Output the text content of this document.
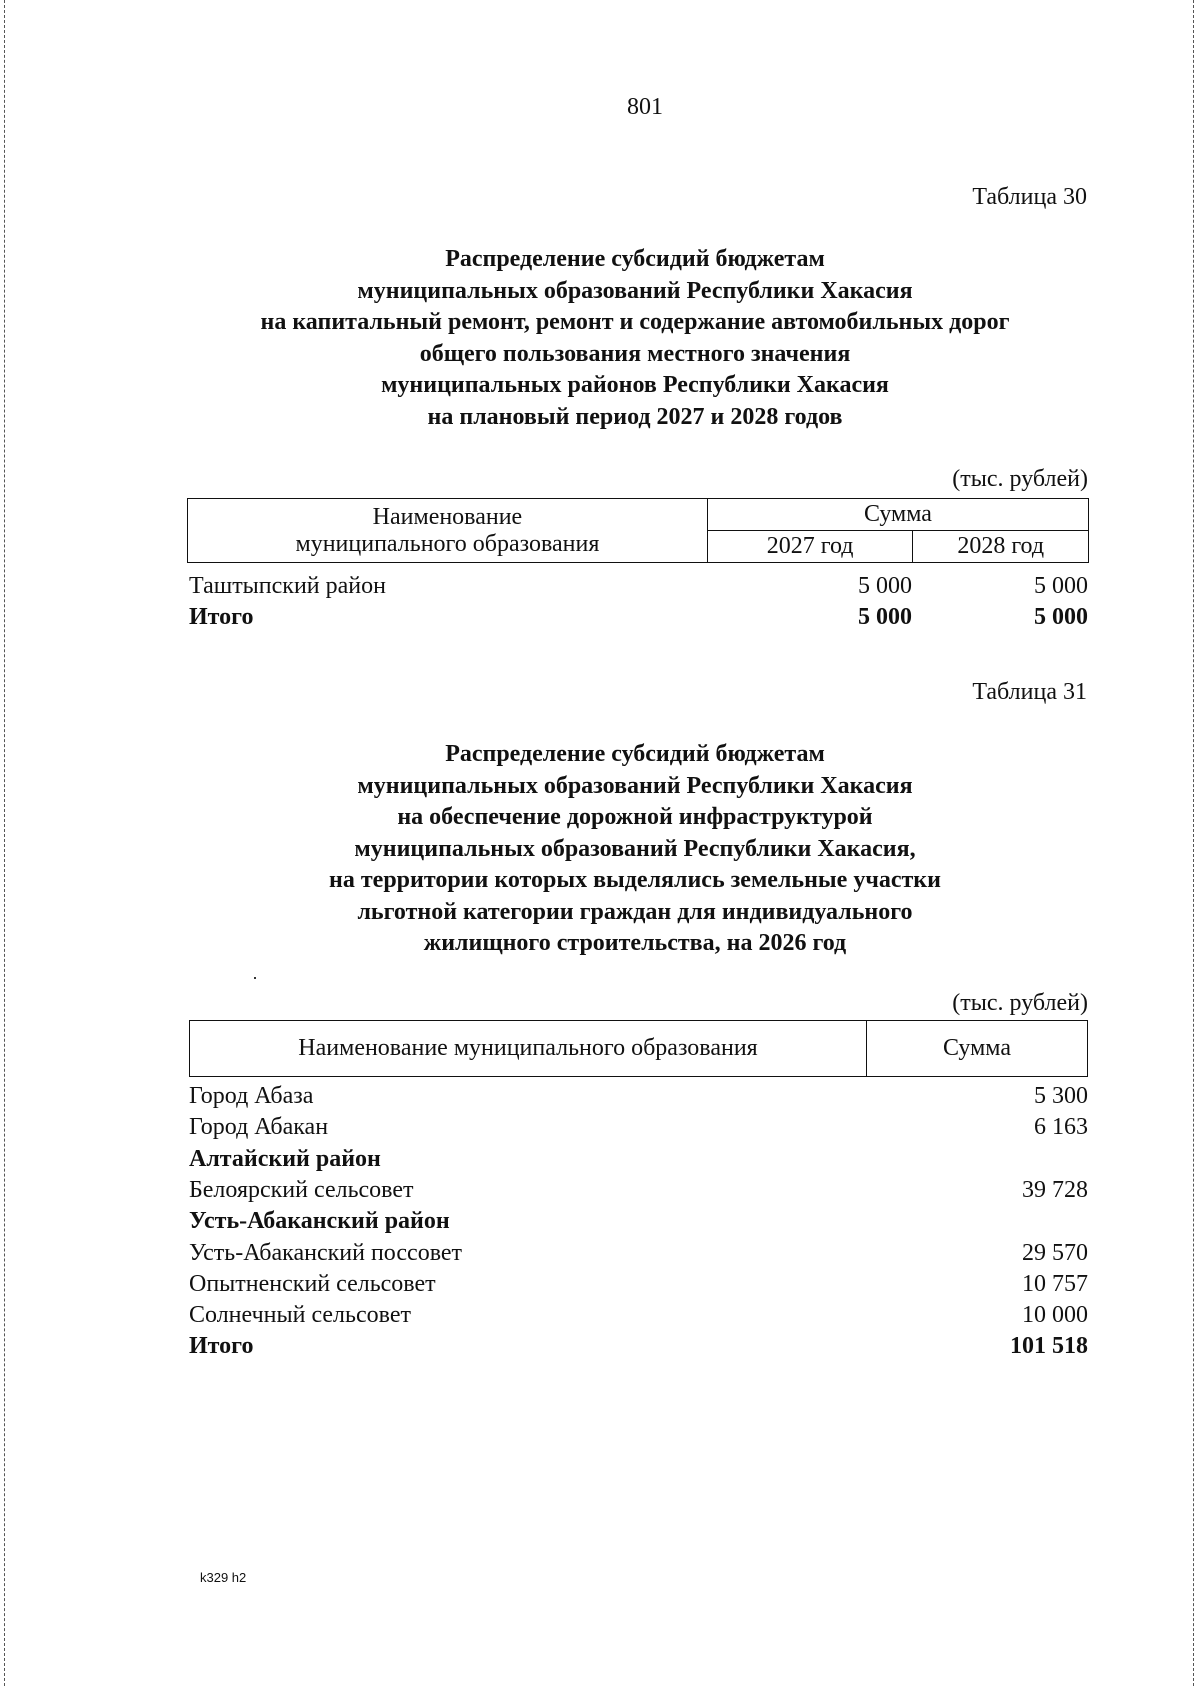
801
Таблица 30
Распределение субсидий бюджетам
муниципальных образований Республики Хакасия
на капитальный ремонт, ремонт и содержание автомобильных дорог
общего пользования местного значения
муниципальных районов Республики Хакасия
на плановый период 2027 и 2028 годов
(тыс. рублей)
Наименование
муниципального образования	Сумма	
	2027 год	2028 год
Таштыпский район	5 000	5 000
Итого	5 000	5 000
Таблица 31
Распределение субсидий бюджетам
муниципальных образований Республики Хакасия
на обеспечение дорожной инфраструктурой
муниципальных образований Республики Хакасия,
на территории которых выделялись земельные участки
льготной категории граждан для индивидуального
жилищного строительства, на 2026 год
(тыс. рублей)
Наименование муниципального образования	Сумма
Город Абаза	5 300
Город Абакан	6 163
Алтайский район
Белоярский сельсовет	39 728
Усть-Абаканский район
Усть-Абаканский поссовет	29 570
Опытненский сельсовет	10 757
Солнечный сельсовет	10 000
Итого	101 518
k329 h2
